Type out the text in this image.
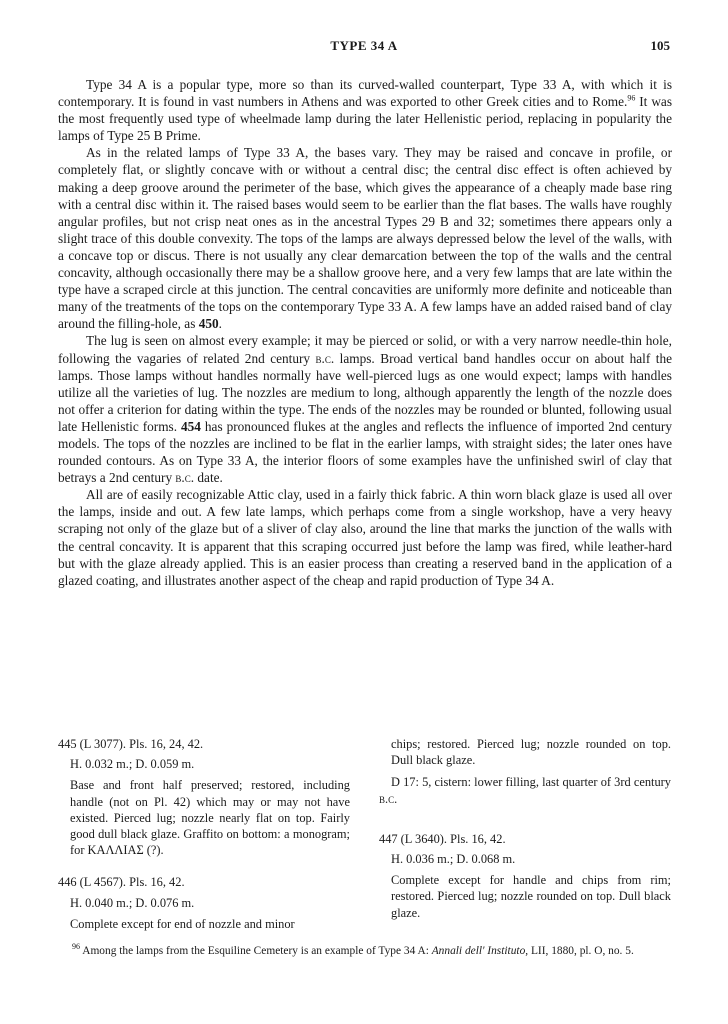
TYPE 34 A	105

Type 34 A is a popular type, more so than its curved-walled counterpart, Type 33 A, with which it is contemporary. It is found in vast numbers in Athens and was exported to other Greek cities and to Rome.$^{96}$ It was the most frequently used type of wheelmade lamp during the later Hellenistic period, replacing in popularity the lamps of Type 25 B Prime.

As in the related lamps of Type 33 A, the bases vary. They may be raised and concave in profile, or completely flat, or slightly concave with or without a central disc; the central disc effect is often achieved by making a deep groove around the perimeter of the base, which gives the appearance of a cheaply made base ring with a central disc within it. The raised bases would seem to be earlier than the flat bases. The walls have roughly angular profiles, but not crisp neat ones as in the ancestral Types 29 B and 32; sometimes there appears only a slight trace of this double convexity. The tops of the lamps are always depressed below the level of the walls, with a concave top or discus. There is not usually any clear demarcation between the top of the walls and the central concavity, although occasionally there may be a shallow groove here, and a very few lamps that are late within the type have a scraped circle at this junction. The central concavities are uniformly more definite and noticeable than many of the treatments of the tops on the contemporary Type 33 A. A few lamps have an added raised band of clay around the filling-hole, as 450.

The lug is seen on almost every example; it may be pierced or solid, or with a very narrow needle-thin hole, following the vagaries of related 2nd century b.c. lamps. Broad vertical band handles occur on about half the lamps. Those lamps without handles normally have well-pierced lugs as one would expect; lamps with handles utilize all the varieties of lug. The nozzles are medium to long, although apparently the length of the nozzle does not offer a criterion for dating within the type. The ends of the nozzles may be rounded or blunted, following usual late Hellenistic forms. 454 has pronounced flukes at the angles and reflects the influence of imported 2nd century models. The tops of the nozzles are inclined to be flat in the earlier lamps, with straight sides; the later ones have rounded contours. As on Type 33 A, the interior floors of some examples have the unfinished swirl of clay that betrays a 2nd century b.c. date.

All are of easily recognizable Attic clay, used in a fairly thick fabric. A thin worn black glaze is used all over the lamps, inside and out. A few late lamps, which perhaps come from a single workshop, have a very heavy scraping not only of the glaze but of a sliver of clay also, around the line that marks the junction of the walls with the central concavity. It is apparent that this scraping occurred just before the lamp was fired, while leather-hard but with the glaze already applied. This is an easier process than creating a reserved band in the application of a glazed coating, and illustrates another aspect of the cheap and rapid production of Type 34 A.

445 (L 3077). Pls. 16, 24, 42.

H. 0.032 m.; D. 0.059 m.

Base and front half preserved; restored, including handle (not on Pl. 42) which may or may not have existed. Pierced lug; nozzle nearly flat on top. Fairly good dull black glaze. Graffito on bottom: a monogram; for ΚΑΛΛΙΑΣ (?).

446 (L 4567). Pls. 16, 42.

H. 0.040 m.; D. 0.076 m.

Complete except for end of nozzle and minor

chips; restored. Pierced lug; nozzle rounded on top. Dull black glaze.

D 17: 5, cistern: lower filling, last quarter of 3rd century b.c.

447 (L 3640). Pls. 16, 42.

H. 0.036 m.; D. 0.068 m.

Complete except for handle and chips from rim; restored. Pierced lug; nozzle rounded on top. Dull black glaze.

$^{96}$ Among the lamps from the Esquiline Cemetery is an example of Type 34 A: Annali dell' Instituto, LII, 1880, pl. O, no. 5.
